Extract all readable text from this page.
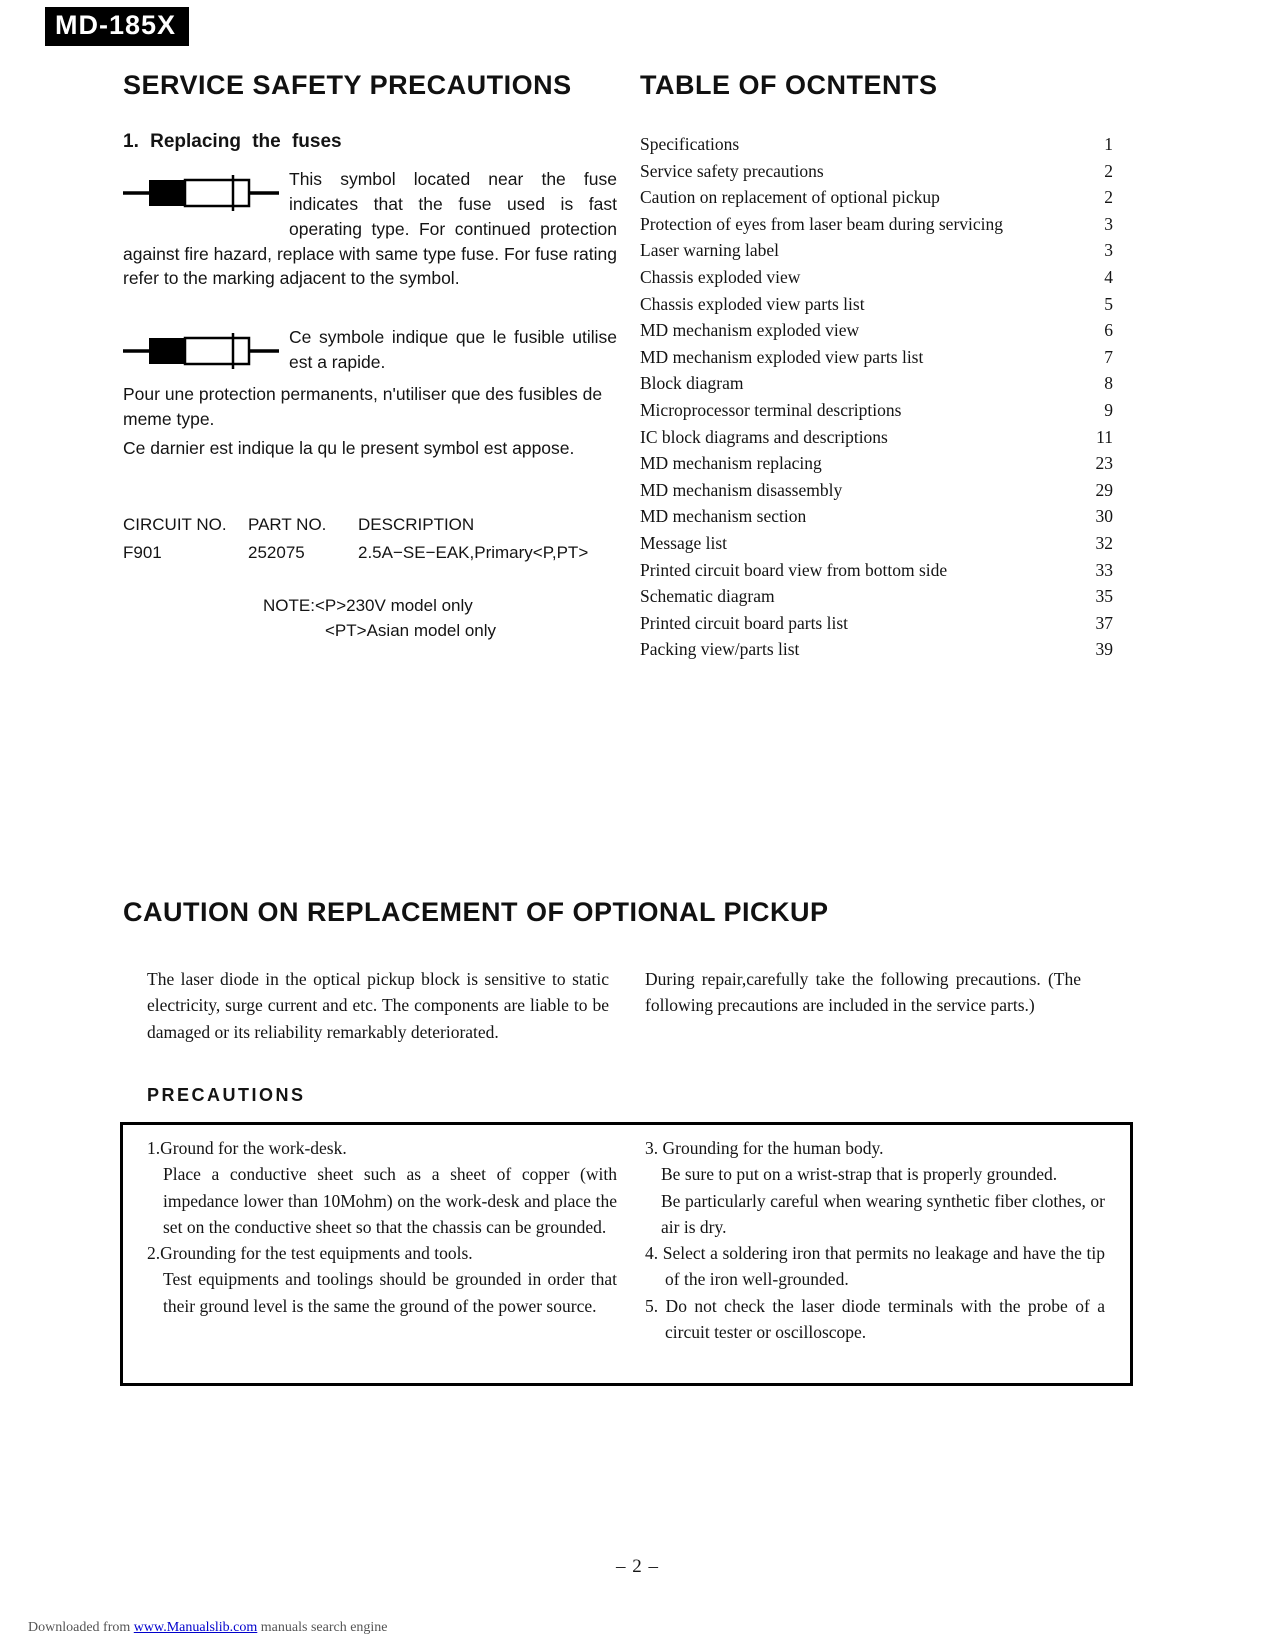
MD-185X
SERVICE SAFETY PRECAUTIONS
1. Replacing the fuses

This symbol located near the fuse indicates that the fuse used is fast operating type. For continued protection against fire hazard, replace with same type fuse. For fuse rating refer to the marking adjacent to the symbol.

Ce symbole indique que le fusible utilise est a rapide.

Pour une protection permanents, n'utiliser que des fusibles de meme type.

Ce darnier est indique la qu le present symbol est appose.

CIRCUIT NO.	PART NO.	DESCRIPTION
F901	252075	2.5A−SE−EAK,Primary<P,PT>
NOTE:<P>230V model only
<PT>Asian model only
TABLE OF OCNTENTS
Specifications	1
Service safety precautions	2
Caution on replacement of optional pickup	2
Protection of eyes from laser beam during servicing	3
Laser warning label	3
Chassis exploded view	4
Chassis exploded view parts list	5
MD mechanism exploded view	6
MD mechanism exploded view parts list	7
Block diagram	8
Microprocessor terminal descriptions	9
IC block diagrams and descriptions	11
MD mechanism replacing	23
MD mechanism disassembly	29
MD mechanism section	30
Message list	32
Printed circuit board view from bottom side	33
Schematic diagram	35
Printed circuit board parts list	37
Packing view/parts list	39
CAUTION ON REPLACEMENT OF OPTIONAL PICKUP

The laser diode in the optical pickup block is sensitive to static electricity, surge current and etc. The components are liable to be damaged or its reliability remarkably deteriorated.

During repair,carefully take the following precautions. (The following precautions are included in the service parts.)

PRECAUTIONS
1.Ground for the work-desk.
Place a conductive sheet such as a sheet of copper (with impedance lower than 10Mohm) on the work-desk and place the set on the conductive sheet so that the chassis can be grounded.
2.Grounding for the test equipments and tools.
Test equipments and toolings should be grounded in order that their ground level is the same the ground of the power source.
3. Grounding for the human body.
Be sure to put on a wrist-strap that is properly grounded.
Be particularly careful when wearing synthetic fiber clothes, or air is dry.
4. Select a soldering iron that permits no leakage and have the tip of the iron well-grounded.
5. Do not check the laser diode terminals with the probe of a circuit tester or oscilloscope.
– 2 –
Downloaded from www.Manualslib.com manuals search engine
